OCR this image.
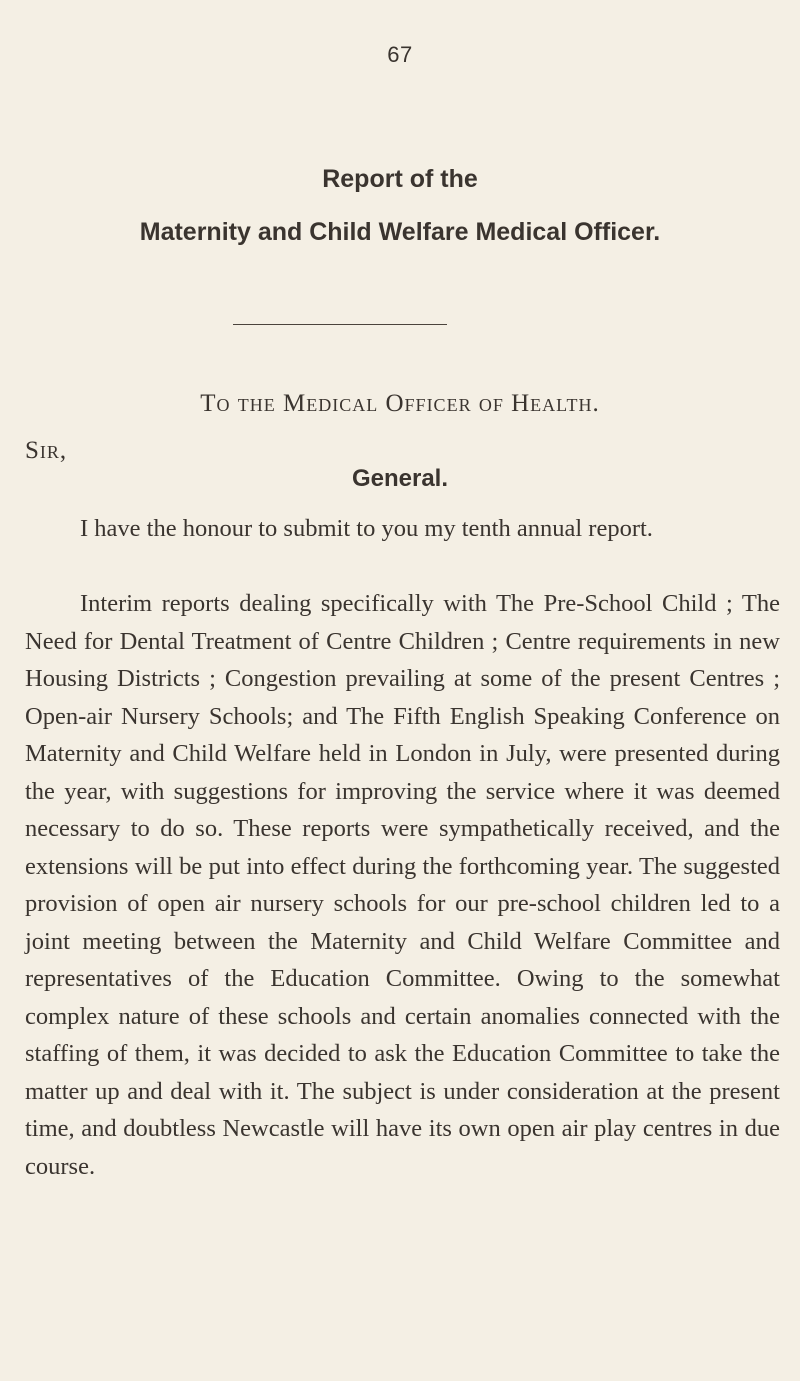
67
Report of the
Maternity and Child Welfare Medical Officer.
To the Medical Officer of Health.
Sir,
General.

I have the honour to submit to you my tenth annual report.

Interim reports dealing specifically with The Pre-School Child ; The Need for Dental Treatment of Centre Children ; Centre requirements in new Housing Districts ; Congestion prevailing at some of the present Centres ; Open-air Nursery Schools; and The Fifth English Speaking Conference on Maternity and Child Welfare held in London in July, were presented during the year, with suggestions for improving the service where it was deemed necessary to do so. These reports were sympathetically received, and the extensions will be put into effect during the forthcoming year. The suggested provision of open air nursery schools for our pre-school children led to a joint meeting between the Maternity and Child Welfare Committee and representatives of the Education Committee. Owing to the somewhat complex nature of these schools and certain anomalies connected with the staffing of them, it was decided to ask the Education Committee to take the matter up and deal with it. The subject is under consideration at the present time, and doubtless Newcastle will have its own open air play centres in due course.
